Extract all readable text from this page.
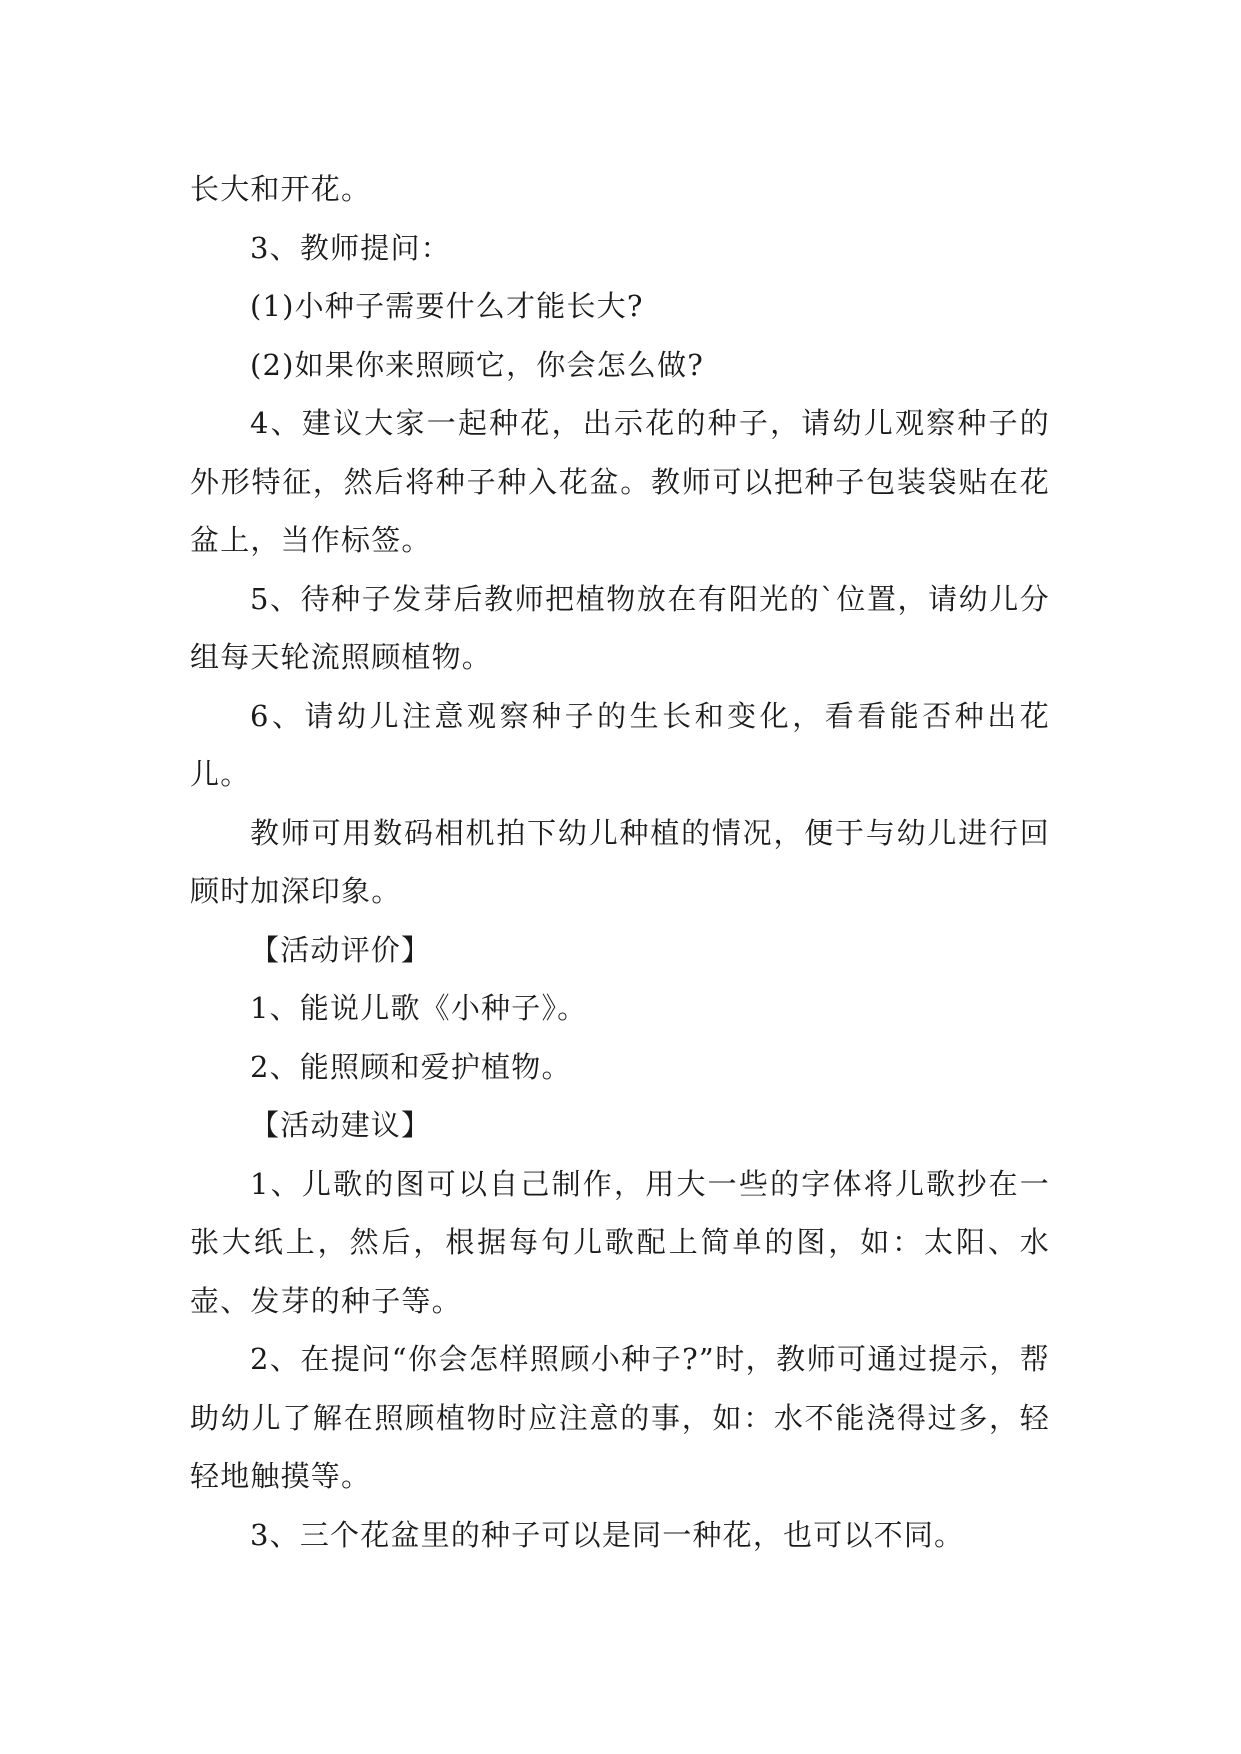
长大和开花。

3、教师提问：

(1)小种子需要什么才能长大?

(2)如果你来照顾它，你会怎么做?

4、建议大家一起种花，出示花的种子，请幼儿观察种子的外形特征，然后将种子种入花盆。教师可以把种子包装袋贴在花盆上，当作标签。

5、待种子发芽后教师把植物放在有阳光的`位置，请幼儿分组每天轮流照顾植物。

6、请幼儿注意观察种子的生长和变化，看看能否种出花儿。

教师可用数码相机拍下幼儿种植的情况，便于与幼儿进行回顾时加深印象。

【活动评价】

1、能说儿歌《小种子》。

2、能照顾和爱护植物。

【活动建议】

1、儿歌的图可以自己制作，用大一些的字体将儿歌抄在一张大纸上，然后，根据每句儿歌配上简单的图，如：太阳、水壶、发芽的种子等。

2、在提问“你会怎样照顾小种子?”时，教师可通过提示，帮助幼儿了解在照顾植物时应注意的事，如：水不能浇得过多，轻轻地触摸等。

3、三个花盆里的种子可以是同一种花，也可以不同。
